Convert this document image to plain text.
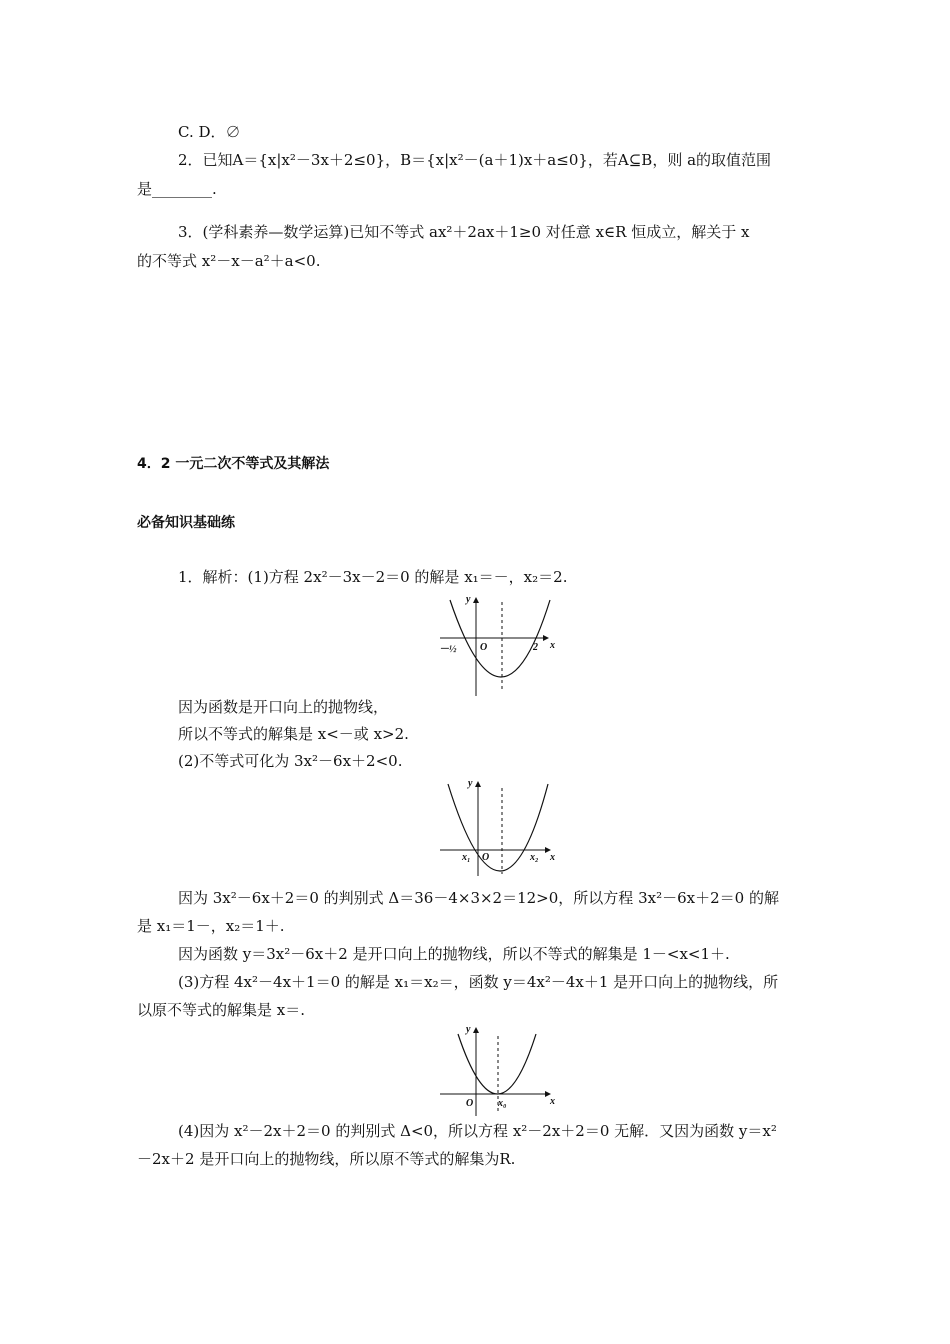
C. D．∅
2．已知A＝{x|x²－3x＋2≤0}，B＝{x|x²－(a＋1)x＋a≤0}，若A⊆B，则 a的取值范围
是________.
3．(学科素养—数学运算)已知不等式 ax²＋2ax＋1≥0 对任意 x∈R 恒成立，解关于 x
的不等式 x²－x－a²＋a<0.
4．2 一元二次不等式及其解法
必备知识基础练
1．解析：(1)方程 2x²－3x－2＝0 的解是 x₁＝－，x₂＝2.
y
x
O
－½	2
因为函数是开口向上的抛物线，
所以不等式的解集是 x<－或 x>2.
(2)不等式可化为 3x²－6x＋2<0.
y
x
O
x₁	x₂
因为 3x²－6x＋2＝0 的判别式 Δ＝36－4×3×2＝12>0，所以方程 3x²－6x＋2＝0 的解
是 x₁＝1－，x₂＝1＋.
因为函数 y＝3x²－6x＋2 是开口向上的抛物线，所以不等式的解集是 1－<x<1＋.
(3)方程 4x²－4x＋1＝0 的解是 x₁＝x₂＝，函数 y＝4x²－4x＋1 是开口向上的抛物线，所
以原不等式的解集是 x＝.
y
x
O x₀
(4)因为 x²－2x＋2＝0 的判别式 Δ<0，所以方程 x²－2x＋2＝0 无解．又因为函数 y＝x²
－2x＋2 是开口向上的抛物线，所以原不等式的解集为R.
